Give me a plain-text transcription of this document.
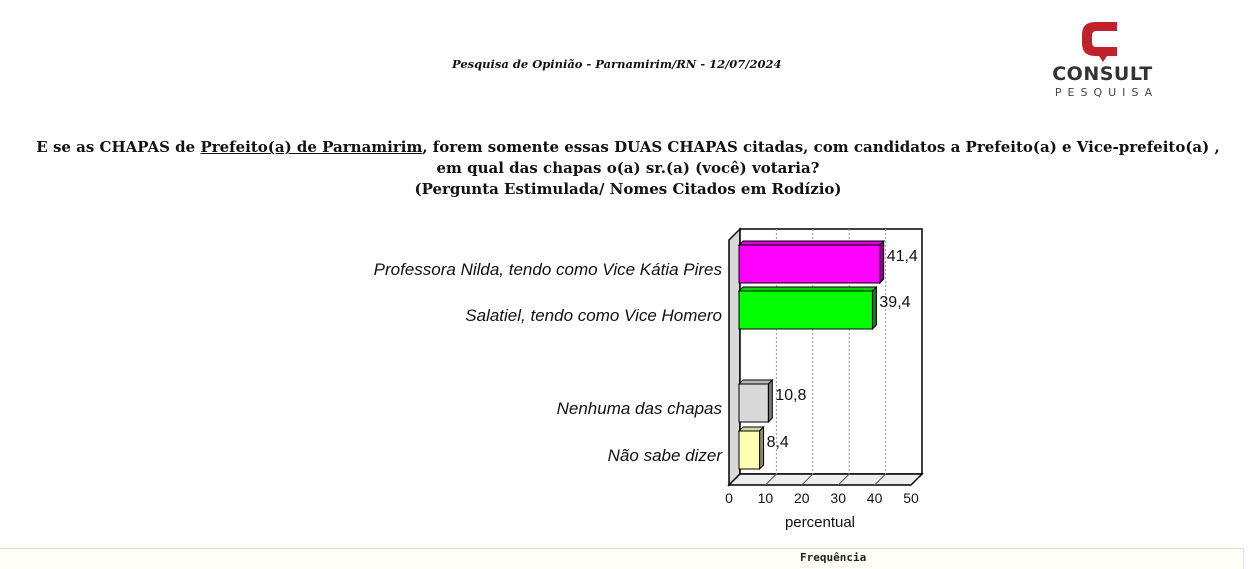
Pesquisa de Opinião - Parnamirim/RN - 12/07/2024	CONSULT
PESQUISA
E se as CHAPAS de Prefeito(a) de Parnamirim, forem somente essas DUAS CHAPAS citadas, com candidatos a Prefeito(a) e Vice-prefeito(a) ,
em qual das chapas o(a) sr.(a) (você) votaria?
(Pergunta Estimulada/ Nomes Citados em Rodízio)
0 10 20 30 40 50
percentual
41,4
Professora Nilda, tendo como Vice Kátia Pires
39,4
Salatiel, tendo como Vice Homero
10,8
Nenhuma das chapas
8,4
Não sabe dizer
Frequência
